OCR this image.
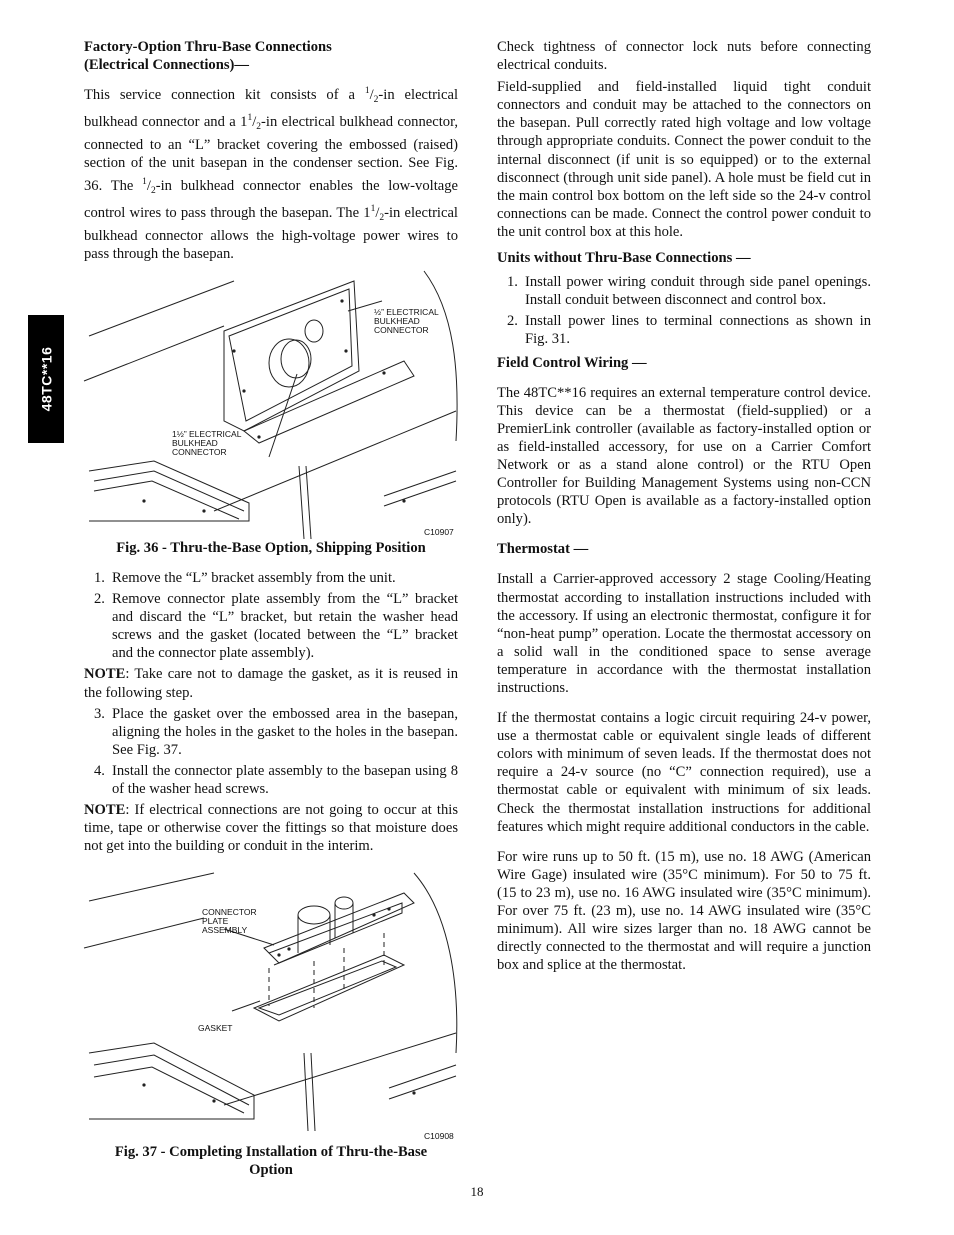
48TC**16

Factory-Option Thru-Base Connections

(Electrical Connections)—

This service connection kit consists of a $^1/_2-in$ electrical bulkhead connector and a $1^1/_2-in$ electrical bulkhead connector, connected to an “L” bracket covering the embossed (raised) section of the unit basepan in the condenser section. See Fig. 36. The $^1/_2-in$ bulkhead connector enables the low-voltage control wires to pass through the basepan. The $1^1/_2-in$ electrical bulkhead connector allows the high-voltage power wires to pass through the basepan.

½” ELECTRICAL
BULKHEAD
CONNECTOR
1½” ELECTRICAL
BULKHEAD
CONNECTOR
C10907
Fig. 36 - Thru-the-Base Option, Shipping Position
1. Remove the “L” bracket assembly from the unit.
2. Remove connector plate assembly from the “L” bracket and discard the “L” bracket, but retain the washer head screws and the gasket (located between the “L” bracket and the connector plate assembly).

NOTE: Take care not to damage the gasket, as it is reused in the following step.

3. Place the gasket over the embossed area in the basepan, aligning the holes in the gasket to the holes in the basepan. See Fig. 37.
4. Install the connector plate assembly to the basepan using 8 of the washer head screws.

NOTE: If electrical connections are not going to occur at this time, tape or otherwise cover the fittings so that moisture does not get into the building or conduit in the interim.

CONNECTOR
PLATE
ASSEMBLY
GASKET
C10908
Fig. 37 - Completing Installation of Thru-the-Base
Option

Check tightness of connector lock nuts before connecting electrical conduits.

Field-supplied and field-installed liquid tight conduit connectors and conduit may be attached to the connectors on the basepan. Pull correctly rated high voltage and low voltage through appropriate conduits. Connect the power conduit to the internal disconnect (if unit is so equipped) or to the external disconnect (through unit side panel). A hole must be field cut in the main control box bottom on the left side so the 24-v control connections can be made. Connect the control power conduit to the unit control box at this hole.

Units without Thru-Base Connections —

1. Install power wiring conduit through side panel openings. Install conduit between disconnect and control box.
2. Install power lines to terminal connections as shown in Fig. 31.

Field Control Wiring —

The 48TC**16 requires an external temperature control device. This device can be a thermostat (field-supplied) or a PremierLink controller (available as factory-installed option or as field-installed accessory, for use on a Carrier Comfort Network or as a stand alone control) or the RTU Open Controller for Building Management Systems using non-CCN protocols (RTU Open is available as a factory-installed option only).

Thermostat —

Install a Carrier-approved accessory 2 stage Cooling/Heating thermostat according to installation instructions included with the accessory. If using an electronic thermostat, configure it for “non-heat pump” operation. Locate the thermostat accessory on a solid wall in the conditioned space to sense average temperature in accordance with the thermostat installation instructions.

If the thermostat contains a logic circuit requiring 24-v power, use a thermostat cable or equivalent single leads of different colors with minimum of seven leads. If the thermostat does not require a 24-v source (no “C” connection required), use a thermostat cable or equivalent with minimum of six leads. Check the thermostat installation instructions for additional features which might require additional conductors in the cable.

For wire runs up to 50 ft. (15 m), use no. 18 AWG (American Wire Gage) insulated wire (35°C minimum). For 50 to 75 ft. (15 to 23 m), use no. 16 AWG insulated wire (35°C minimum). For over 75 ft. (23 m), use no. 14 AWG insulated wire (35°C minimum). All wire sizes larger than no. 18 AWG cannot be directly connected to the thermostat and will require a junction box and splice at the thermostat.

18
